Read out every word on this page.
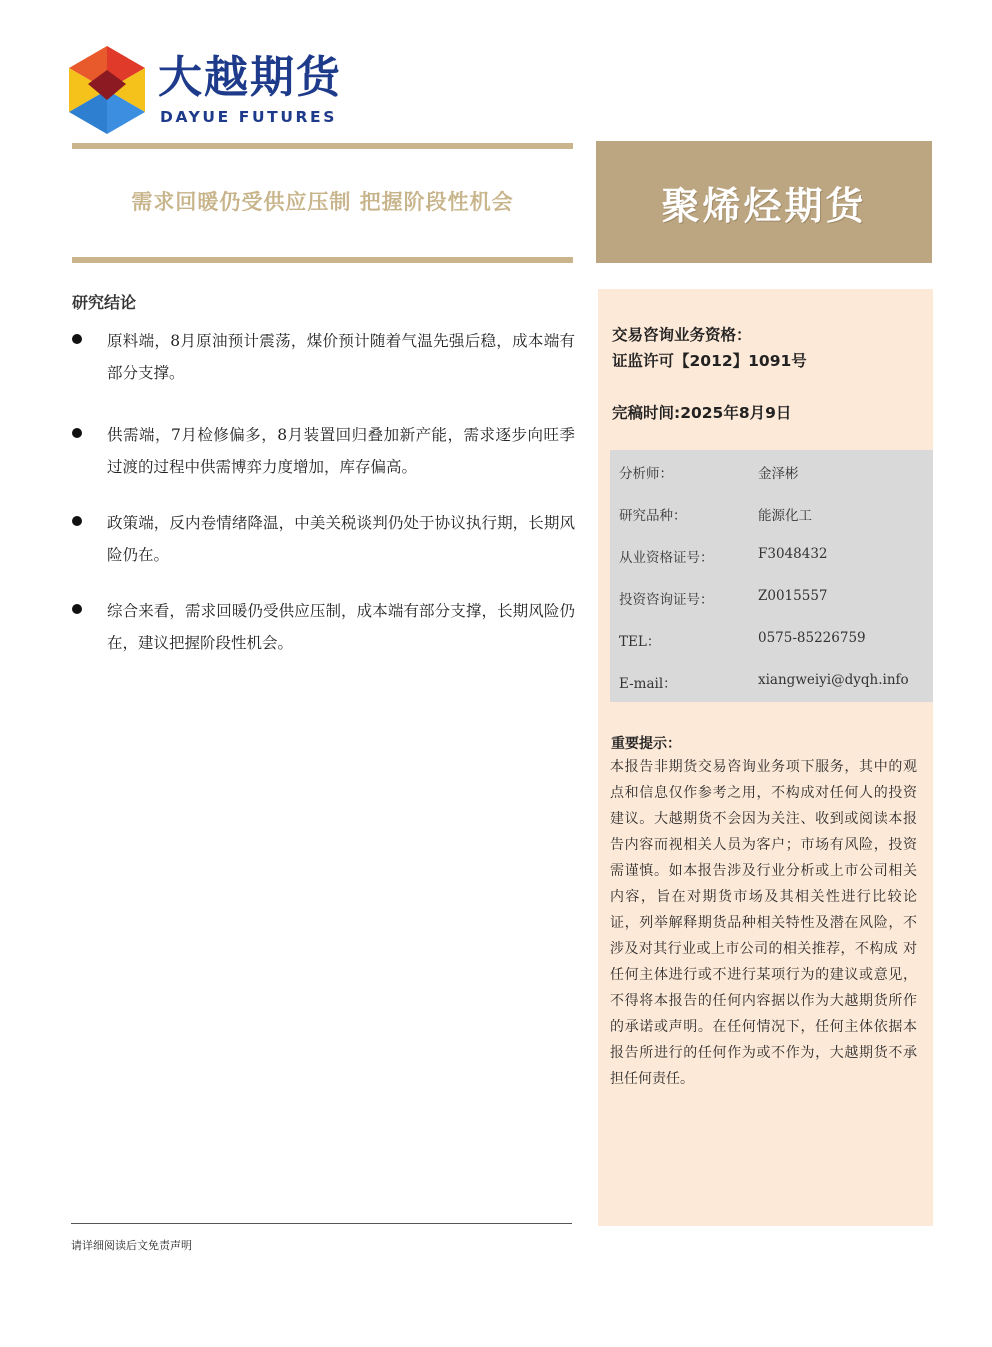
大越期货
DAYUE FUTURES
需求回暖仍受供应压制 把握阶段性机会	聚烯烃期货
研究结论
原料端，8月原油预计震荡，煤价预计随着气温先强后稳，成本端有部分支撑。
供需端，7月检修偏多，8月装置回归叠加新产能，需求逐步向旺季过渡的过程中供需博弈力度增加，库存偏高。
政策端，反内卷情绪降温，中美关税谈判仍处于协议执行期，长期风险仍在。
综合来看，需求回暖仍受供应压制，成本端有部分支撑，长期风险仍在，建议把握阶段性机会。
交易咨询业务资格：
证监许可【2012】1091号
完稿时间:2025年8月9日
分析师：	金泽彬
研究品种：	能源化工
从业资格证号：	F3048432
投资咨询证号：	Z0015557
TEL：	0575-85226759
E-mail：	xiangweiyi@dyqh.info
重要提示：
本报告非期货交易咨询业务项下服务，其中的观点和信息仅作参考之用，不构成对任何人的投资建议。大越期货不会因为关注、收到或阅读本报告内容而视相关人员为客户；市场有风险，投资需谨慎。如本报告涉及行业分析或上市公司相关内容，旨在对期货市场及其相关性进行比较论证，列举解释期货品种相关特性及潜在风险，不涉及对其行业或上市公司的相关推荐，不构成 对任何主体进行或不进行某项行为的建议或意见，不得将本报告的任何内容据以作为大越期货所作的承诺或声明。在任何情况下，任何主体依据本报告所进行的任何作为或不作为，大越期货不承担任何责任。
请详细阅读后文免责声明
